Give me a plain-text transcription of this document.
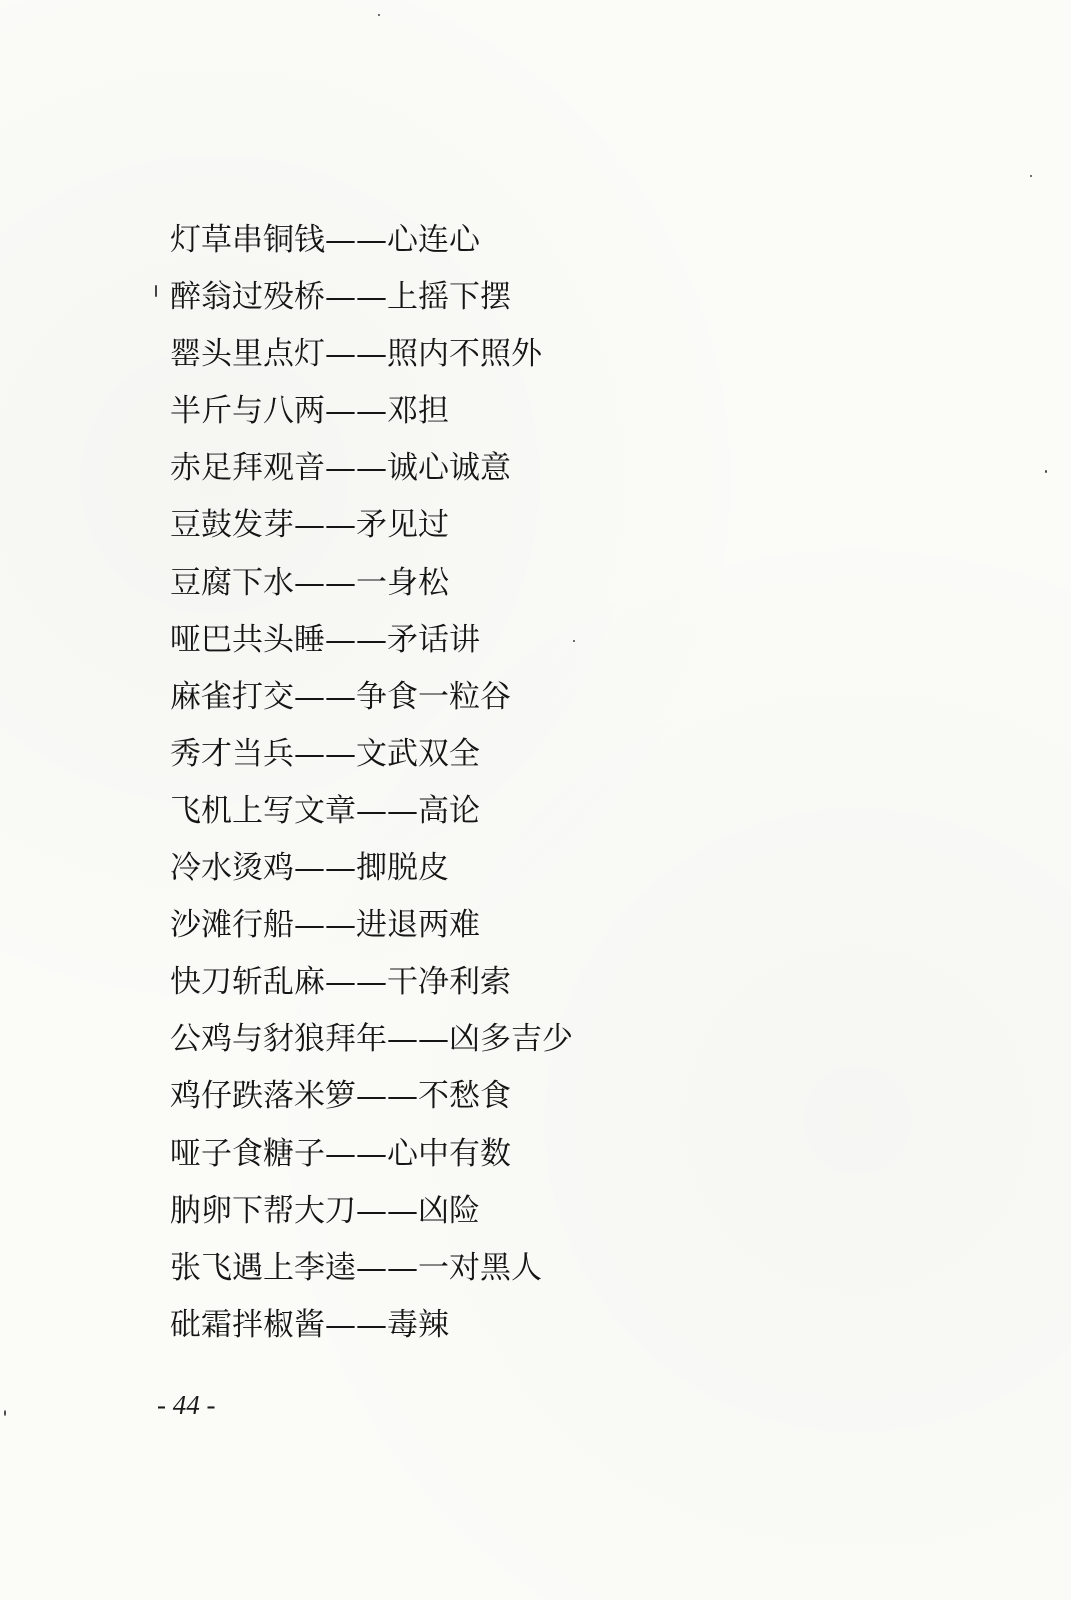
灯草串铜钱——心连心
醉翁过殁桥——上摇下摆
罂头里点灯——照内不照外
半斤与八两——邓担
赤足拜观音——诚心诚意
豆鼓发芽——矛见过
豆腐下水——一身松
哑巴共头睡——矛话讲
麻雀打交——争食一粒谷
秀才当兵——文武双全
飞机上写文章——高论
冷水烫鸡——揤脱皮
沙滩行船——进退两难
快刀斩乱麻——干净利索
公鸡与豺狼拜年——凶多吉少
鸡仔跌落米箩——不愁食
哑子食糖子——心中有数
肭卵下帮大刀——凶险
张飞遇上李逵——一对黑人
砒霜拌椒酱——毒辣
- 44 -
